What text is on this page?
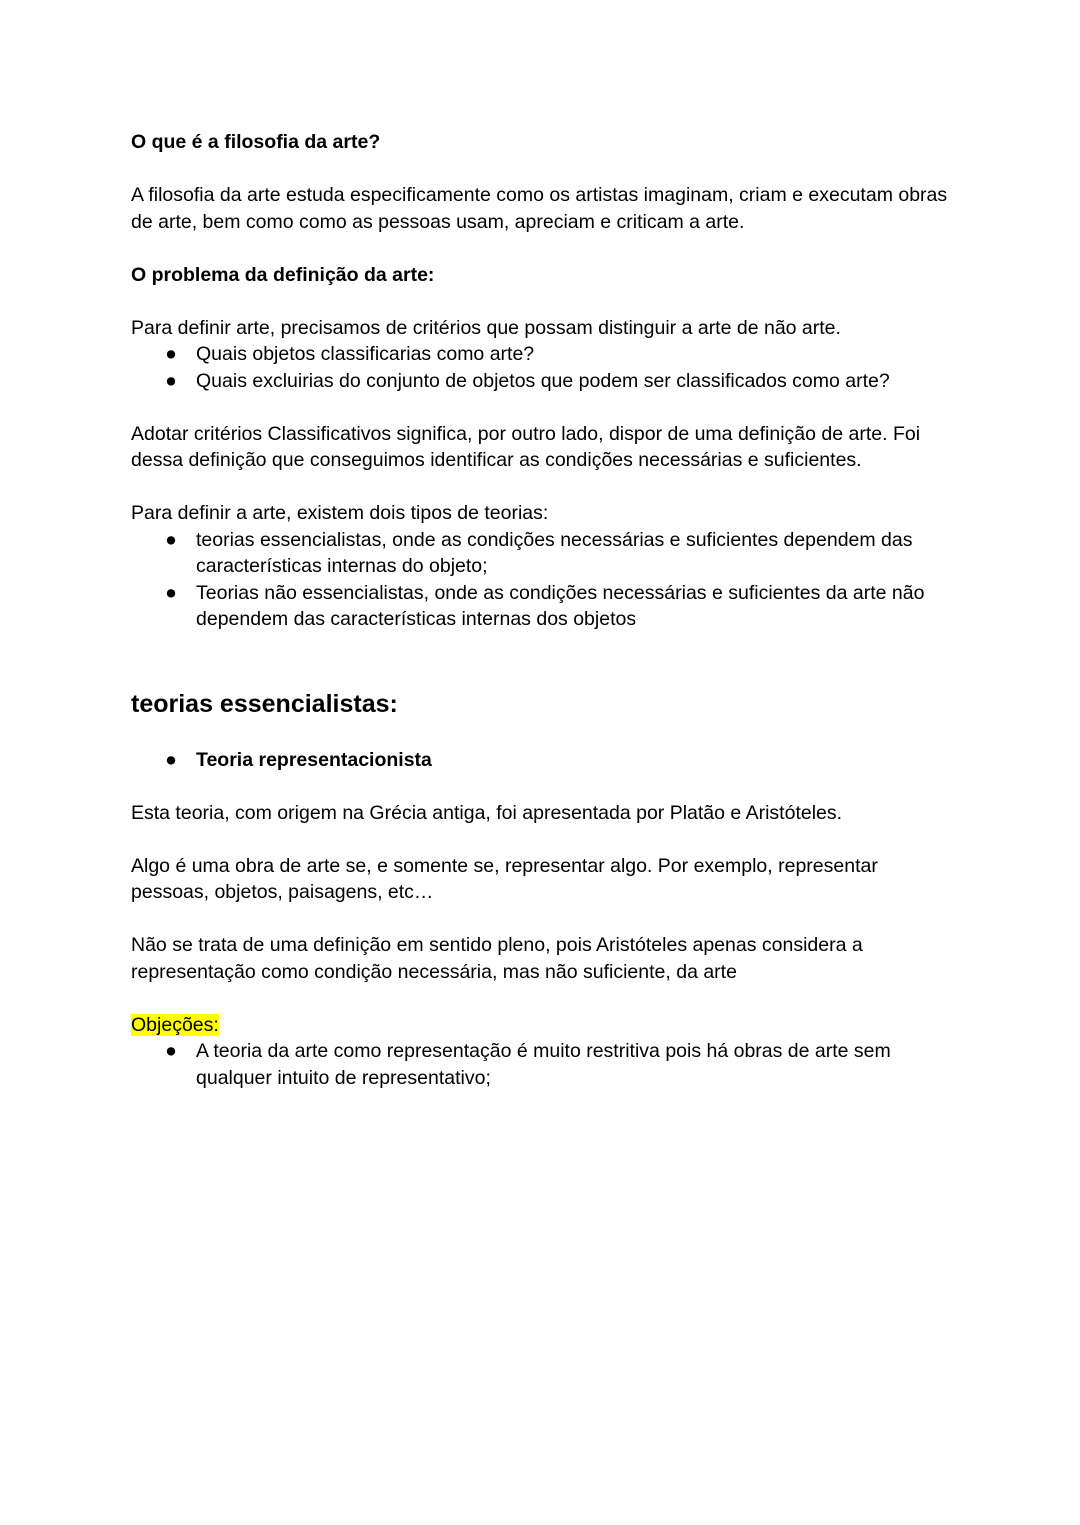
O que é a filosofia da arte?

A filosofia da arte estuda especificamente como os artistas imaginam, criam e executam obras de arte, bem como como as pessoas usam, apreciam e criticam a arte.

O problema da definição da arte:

Para definir arte, precisamos de critérios que possam distinguir a arte de não arte.

● Quais objetos classificarias como arte?
● Quais excluirias do conjunto de objetos que podem ser classificados como arte?

Adotar critérios Classificativos significa, por outro lado, dispor de uma definição de arte. Foi dessa definição que conseguimos identificar as condições necessárias e suficientes.

Para definir a arte, existem dois tipos de teorias:

● teorias essencialistas, onde as condições necessárias e suficientes dependem das características internas do objeto;
● Teorias não essencialistas, onde as condições necessárias e suficientes da arte não dependem das características internas dos objetos

teorias essencialistas:

● Teoria representacionista

Esta teoria, com origem na Grécia antiga, foi apresentada por Platão e Aristóteles.

Algo é uma obra de arte se, e somente se, representar algo. Por exemplo, representar pessoas, objetos, paisagens, etc…

Não se trata de uma definição em sentido pleno, pois Aristóteles apenas considera a representação como condição necessária, mas não suficiente, da arte

Objeções:

● A teoria da arte como representação é muito restritiva pois há obras de arte sem qualquer intuito de representativo;
